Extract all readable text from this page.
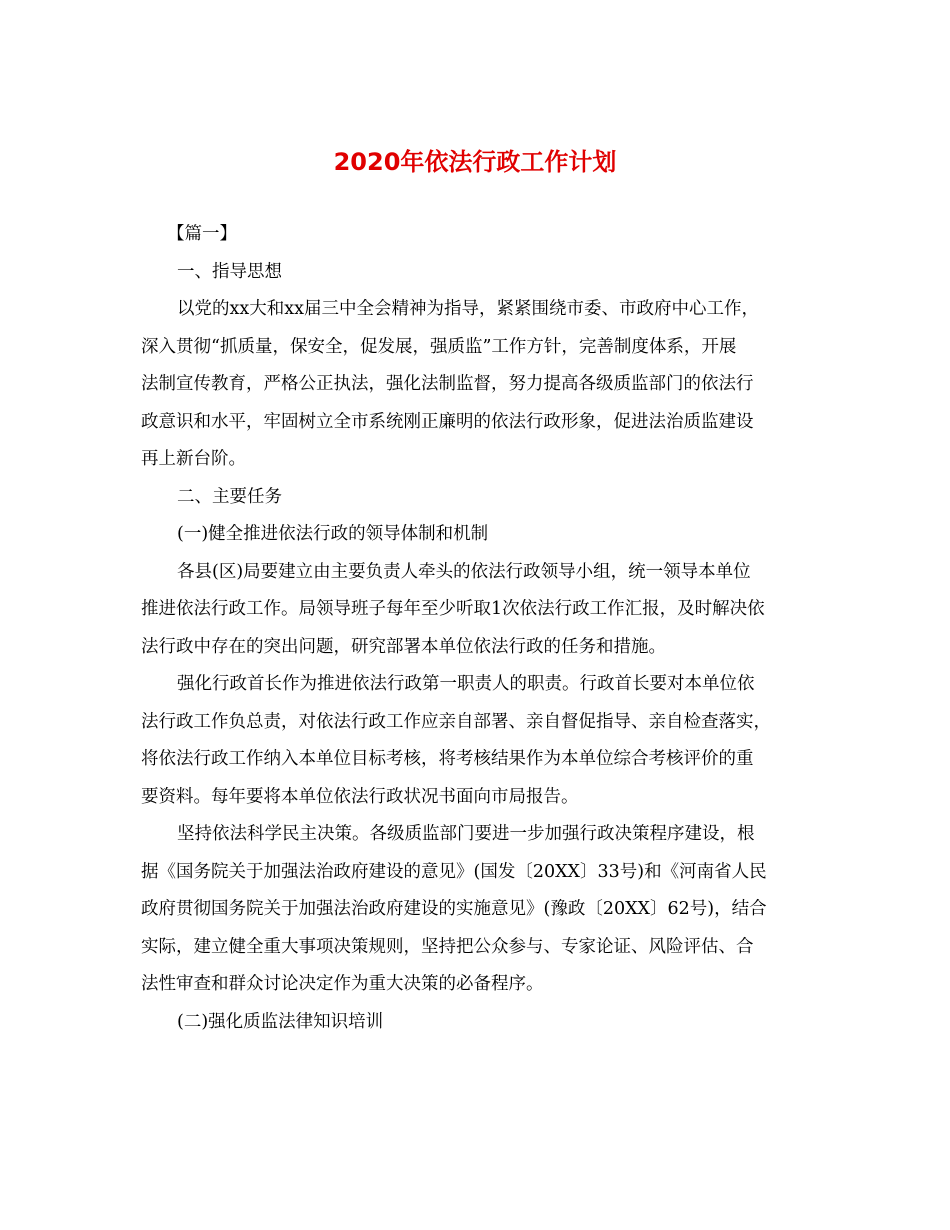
2020年依法行政工作计划
【篇一】
一、指导思想
以党的xx大和xx届三中全会精神为指导，紧紧围绕市委、市政府中心工作，
深入贯彻“抓质量，保安全，促发展，强质监”工作方针，完善制度体系，开展
法制宣传教育，严格公正执法，强化法制监督，努力提高各级质监部门的依法行
政意识和水平，牢固树立全市系统刚正廉明的依法行政形象，促进法治质监建设
再上新台阶。
二、主要任务
(一)健全推进依法行政的领导体制和机制
各县(区)局要建立由主要负责人牵头的依法行政领导小组，统一领导本单位
推进依法行政工作。局领导班子每年至少听取1次依法行政工作汇报，及时解决依
法行政中存在的突出问题，研究部署本单位依法行政的任务和措施。
强化行政首长作为推进依法行政第一职责人的职责。行政首长要对本单位依
法行政工作负总责，对依法行政工作应亲自部署、亲自督促指导、亲自检查落实，
将依法行政工作纳入本单位目标考核，将考核结果作为本单位综合考核评价的重
要资料。每年要将本单位依法行政状况书面向市局报告。
坚持依法科学民主决策。各级质监部门要进一步加强行政决策程序建设，根
据《国务院关于加强法治政府建设的意见》(国发〔20XX〕33号)和《河南省人民
政府贯彻国务院关于加强法治政府建设的实施意见》(豫政〔20XX〕62号)，结合
实际，建立健全重大事项决策规则，坚持把公众参与、专家论证、风险评估、合
法性审查和群众讨论决定作为重大决策的必备程序。
(二)强化质监法律知识培训
